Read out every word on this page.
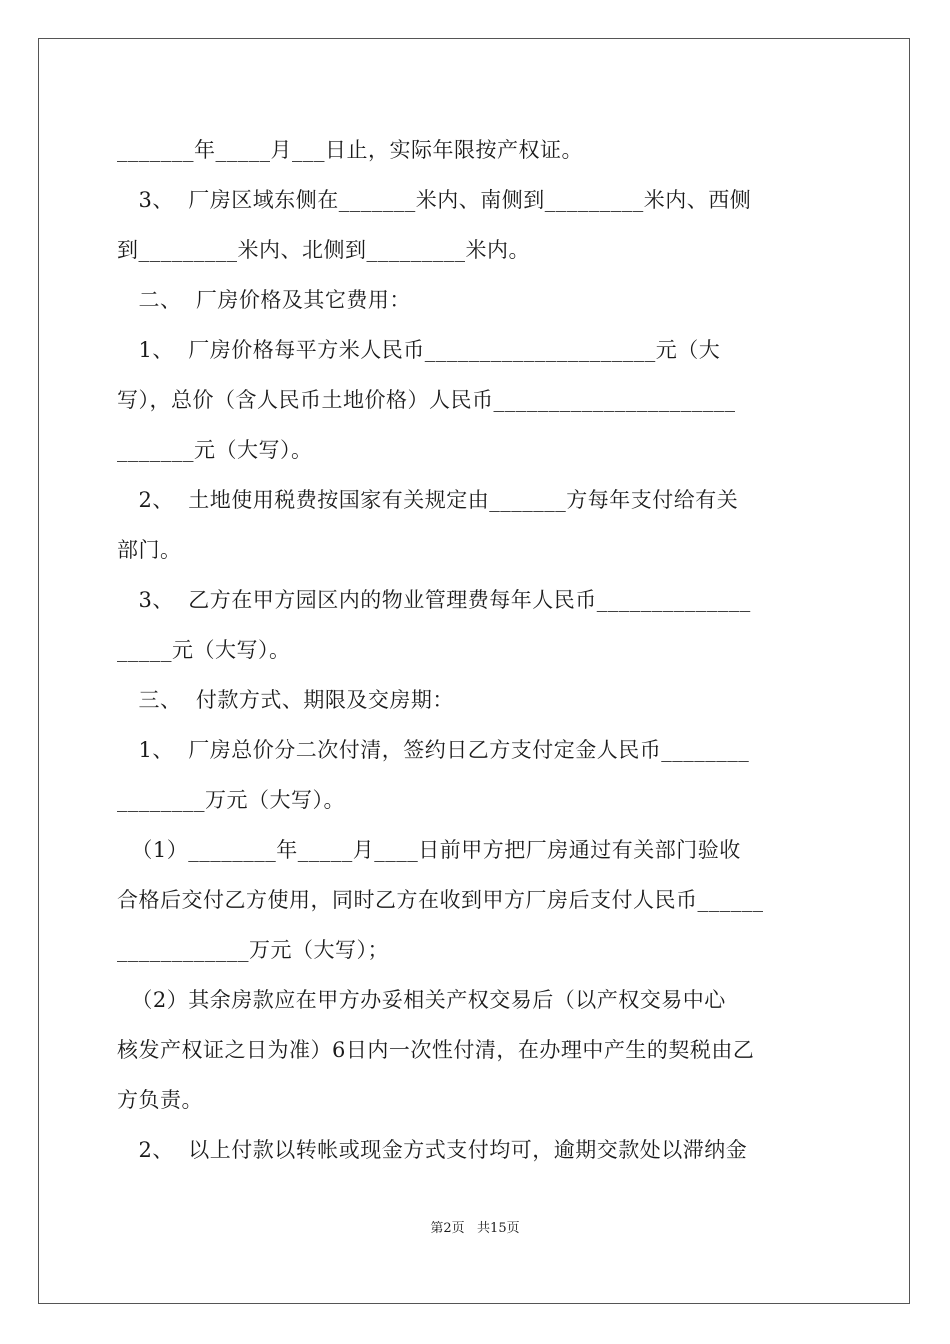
_______年_____月___日止，实际年限按产权证。
3、  厂房区域东侧在_______米内、南侧到_________米内、西侧
到_________米内、北侧到_________米内。
二、  厂房价格及其它费用：
1、  厂房价格每平方米人民币_____________________元（大
写），总价（含人民币土地价格）人民币______________________
_______元（大写）。
2、  土地使用税费按国家有关规定由_______方每年支付给有关
部门。
3、  乙方在甲方园区内的物业管理费每年人民币______________
_____元（大写）。
三、  付款方式、期限及交房期：
1、  厂房总价分二次付清，签约日乙方支付定金人民币________
________万元（大写）。
（1）________年_____月____日前甲方把厂房通过有关部门验收
合格后交付乙方使用，同时乙方在收到甲方厂房后支付人民币______
____________万元（大写）；
（2）其余房款应在甲方办妥相关产权交易后（以产权交易中心
核发产权证之日为准）6日内一次性付清，在办理中产生的契税由乙
方负责。
2、  以上付款以转帐或现金方式支付均可，逾期交款处以滞纳金
第2页   共15页
